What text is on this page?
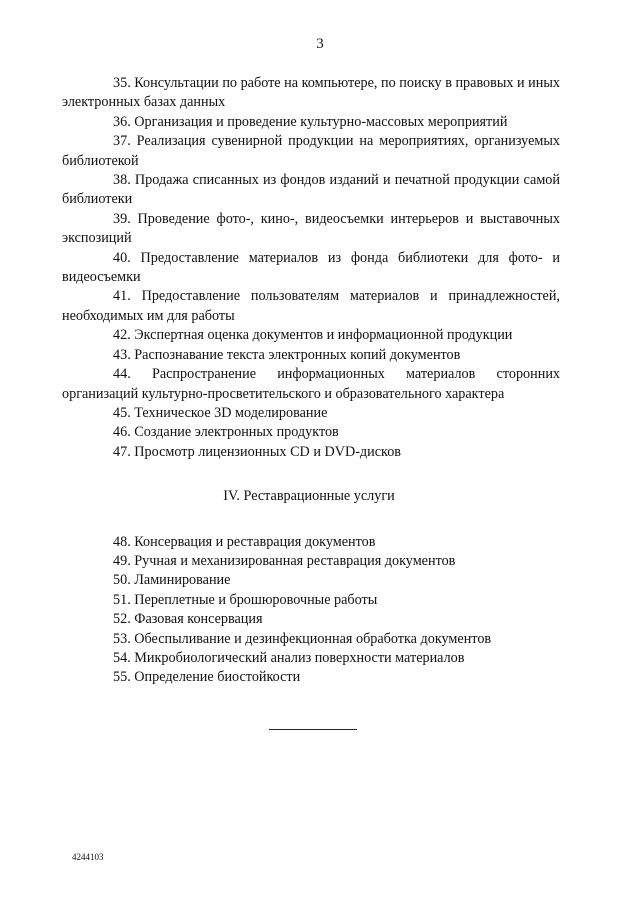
3
35. Консультации по работе на компьютере, по поиску в правовых и иных электронных базах данных
36. Организация и проведение культурно-массовых мероприятий
37. Реализация сувенирной продукции на мероприятиях, организуемых библиотекой
38. Продажа списанных из фондов изданий и печатной продукции самой библиотеки
39. Проведение фото-, кино-, видеосъемки интерьеров и выставочных экспозиций
40. Предоставление материалов из фонда библиотеки для фото- и видеосъемки
41. Предоставление пользователям материалов и принадлежностей, необходимых им для работы
42. Экспертная оценка документов и информационной продукции
43. Распознавание текста электронных копий документов
44. Распространение информационных материалов сторонних организаций культурно-просветительского и образовательного характера
45. Техническое 3D моделирование
46. Создание электронных продуктов
47. Просмотр лицензионных CD и DVD-дисков
IV. Реставрационные услуги
48. Консервация и реставрация документов
49. Ручная и механизированная реставрация документов
50. Ламинирование
51. Переплетные и брошюровочные работы
52. Фазовая консервация
53. Обеспыливание и дезинфекционная обработка документов
54. Микробиологический анализ поверхности материалов
55. Определение биостойкости
4244103
